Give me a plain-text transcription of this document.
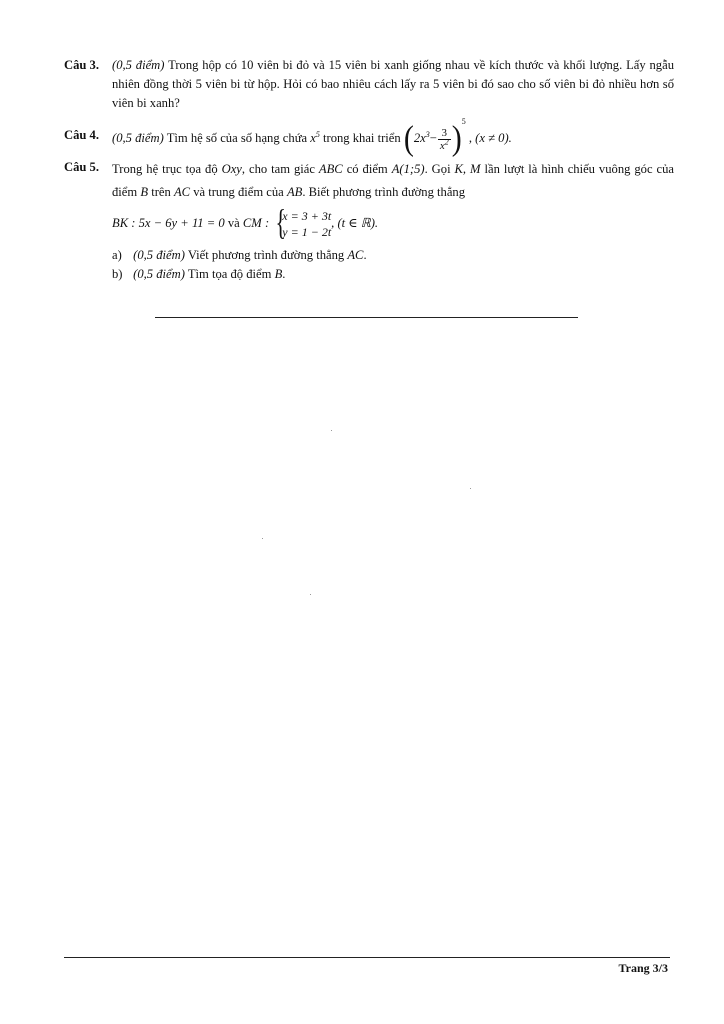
Câu 3.	(0,5 điểm) Trong hộp có 10 viên bi đỏ và 15 viên bi xanh giống nhau về kích thước và khối lượng. Lấy ngẫu nhiên đồng thời 5 viên bi từ hộp. Hỏi có bao nhiêu cách lấy ra 5 viên bi đó sao cho số viên bi đỏ nhiều hơn số viên bi xanh?
Câu 4.	(0,5 điểm) Tìm hệ số của số hạng chứa $x^5$ trong khai triển $(2x^3- \frac{3}{x^2} )^5$ , (x ≠ 0).
Câu 5.	Trong hệ trục tọa độ Oxy, cho tam giác ABC có điểm A(1;5). Gọi K, M lần lượt là hình chiếu vuông góc của điểm B trên AC và trung điểm của AB. Biết phương trình đường thẳng
BK : 5x − 6y + 11 = 0 và CM : {
x = 3 + 3t
y = 1 − 2t
, (t ∈ ℝ).
a) (0,5 điểm) Viết phương trình đường thẳng AC.
b) (0,5 điểm) Tìm tọa độ điểm B.
Trang 3/3
